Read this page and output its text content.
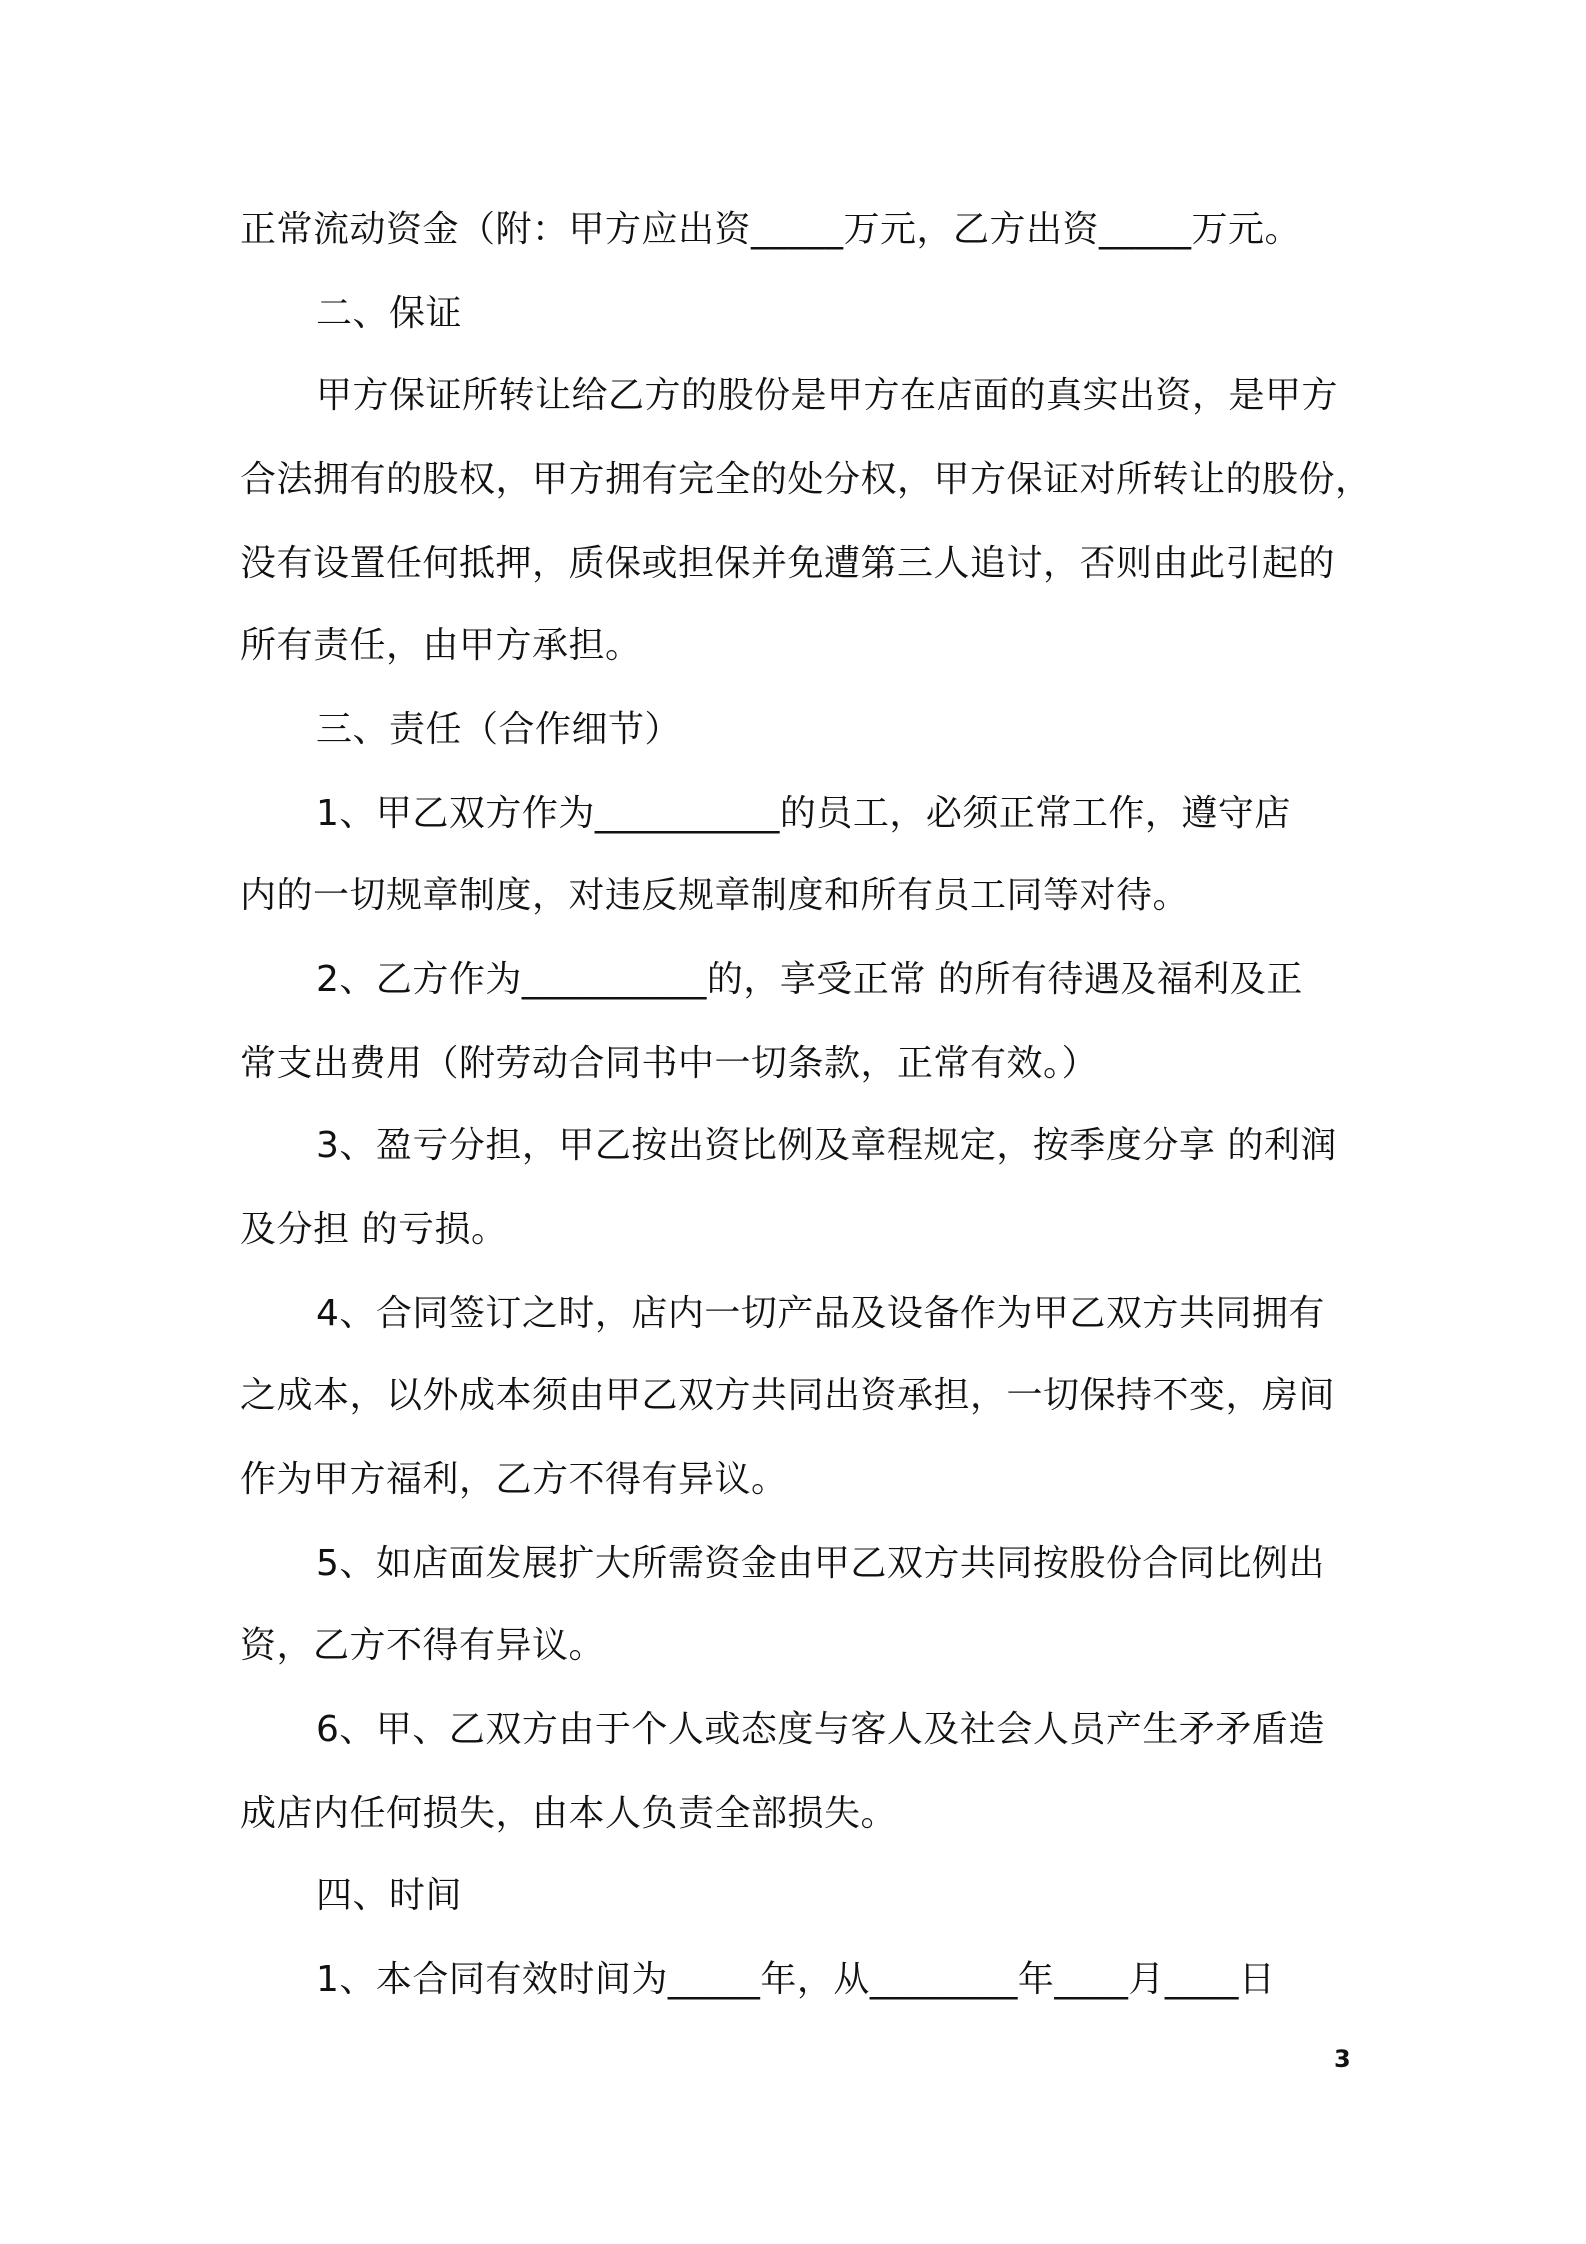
正常流动资金（附：甲方应出资_____万元，乙方出资_____万元。
二、保证
甲方保证所转让给乙方的股份是甲方在店面的真实出资，是甲方
合法拥有的股权，甲方拥有完全的处分权，甲方保证对所转让的股份，
没有设置任何抵押，质保或担保并免遭第三人追讨，否则由此引起的
所有责任，由甲方承担。
三、责任（合作细节）
1、甲乙双方作为__________的员工，必须正常工作，遵守店
内的一切规章制度，对违反规章制度和所有员工同等对待。
2、乙方作为__________的，享受正常 的所有待遇及福利及正
常支出费用（附劳动合同书中一切条款，正常有效。）
3、盈亏分担，甲乙按出资比例及章程规定，按季度分享 的利润
及分担 的亏损。
4、合同签订之时，店内一切产品及设备作为甲乙双方共同拥有
之成本，以外成本须由甲乙双方共同出资承担，一切保持不变，房间
作为甲方福利，乙方不得有异议。
5、如店面发展扩大所需资金由甲乙双方共同按股份合同比例出
资，乙方不得有异议。
6、甲、乙双方由于个人或态度与客人及社会人员产生矛矛盾造
成店内任何损失，由本人负责全部损失。
四、时间
1、本合同有效时间为_____年，从________年____月____日
3
